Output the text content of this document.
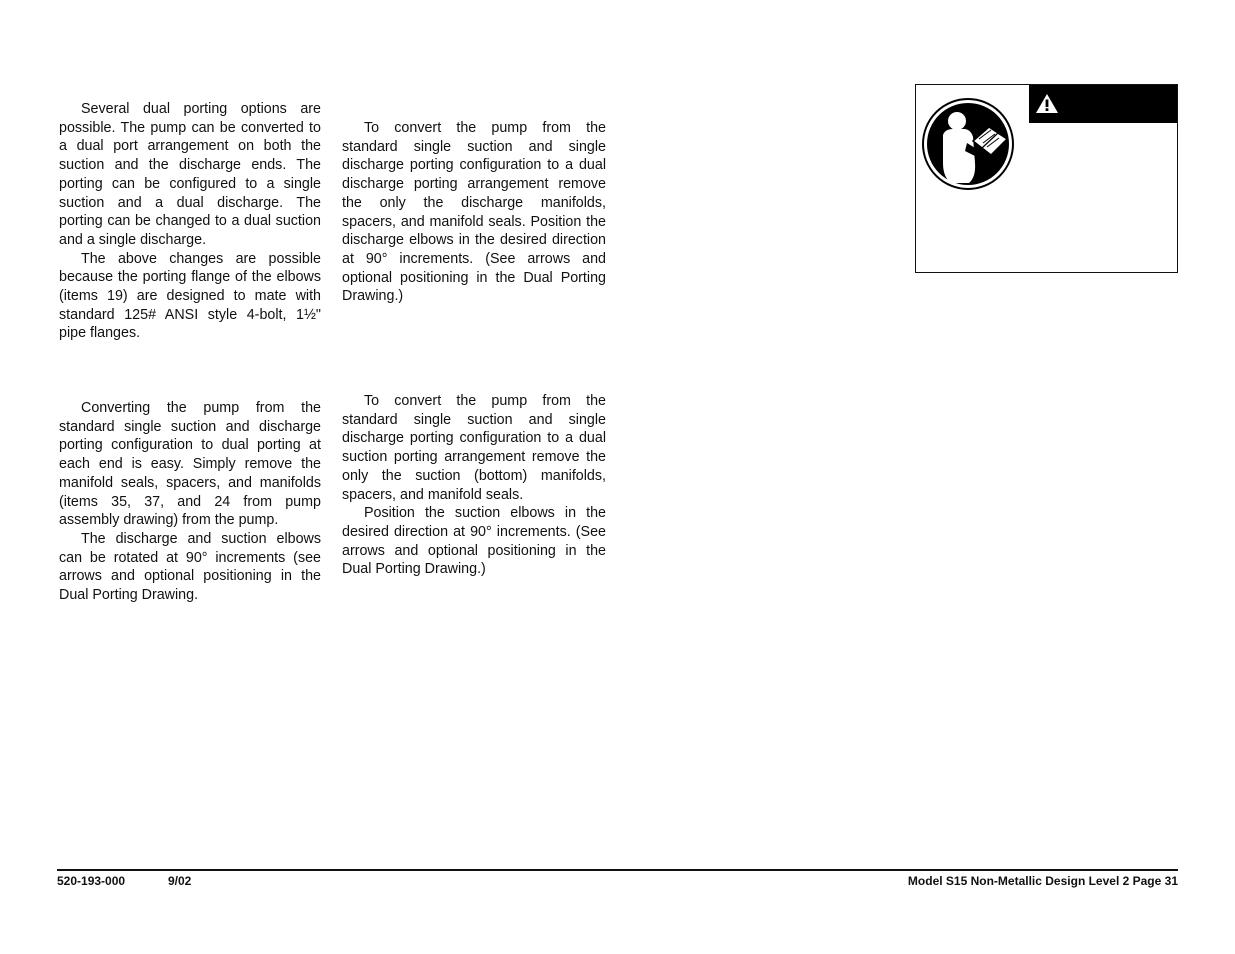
Several dual porting options are possible. The pump can be converted to a dual port arrangement on both the suction and the discharge ends. The porting can be configured to a single suction and a dual discharge. The porting can be changed to a dual suction and a single discharge.

The above changes are possible because the porting flange of the elbows (items 19) are designed to mate with standard 125# ANSI style 4-bolt, 1½" pipe flanges.

To convert the pump from the standard single suction and single discharge porting configuration to a dual discharge porting arrangement remove the only the discharge manifolds, spacers, and manifold seals. Position the discharge elbows in the desired direction at 90° increments. (See arrows and optional positioning in the Dual Porting Drawing.)

Converting the pump from the standard single suction and discharge porting configuration to dual porting at each end is easy. Simply remove the manifold seals, spacers, and manifolds (items 35, 37, and 24 from pump assembly drawing) from the pump.

The discharge and suction elbows can be rotated at 90° increments (see arrows and optional positioning in the Dual Porting Drawing.

To convert the pump from the standard single suction and single discharge porting configuration to a dual suction porting arrangement remove the only the suction (bottom) manifolds, spacers, and manifold seals.

Position the suction elbows in the desired direction at 90° increments. (See arrows and optional positioning in the Dual Porting Drawing.)

520-193-000	9/02	Model S15 Non-Metallic Design Level 2 Page 31
